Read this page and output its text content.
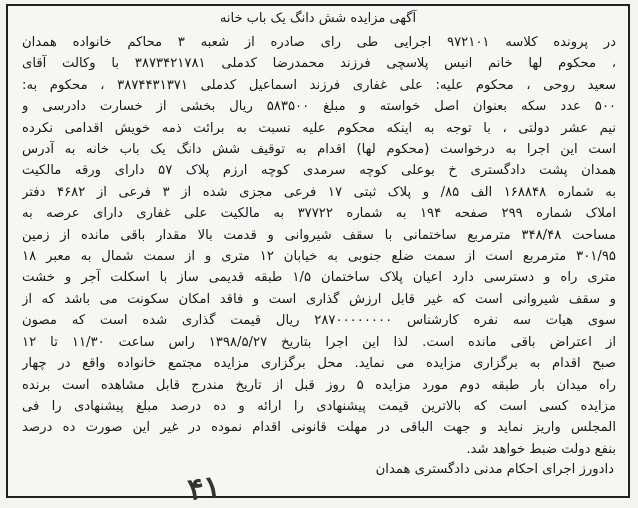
آگهی مزایده شش دانگ یک باب خانه
در پرونده کلاسه ۹۷۲۱۰۱ اجرایی طی رای صادره از شعبه ۳ محاکم خانواده همدان
، محکوم لها خانم انیس پلاسچی فرزند محمدرضا کدملی ۳۸۷۳۴۲۱۷۸۱ با وکالت آقای
سعید روحی ، محکوم علیه: علی غفاری فرزند اسماعیل کدملی ۳۸۷۴۴۳۱۳۷۱ ، محکوم به:
۵۰۰ عدد سکه بعنوان اصل خواسته و مبلغ ۵۸۳۵۰۰ ریال بخشی از خسارت دادرسی و
نیم عشر دولتی ، با توجه به اینکه محکوم علیه نسبت به برائت ذمه خویش اقدامی نکرده
است این اجرا به درخواست (محکوم لها) اقدام به توقیف شش دانگ یک باب خانه به آدرس
همدان پشت دادگستری خ بوعلی کوچه سرمدی کوچه ارزم پلاک ۵۷ دارای ورقه مالکیت
به شماره ۱۶۸۸۴۸ الف ۸۵/ و پلاک ثبتی ۱۷ فرعی مجزی شده از ۳ فرعی از ۴۶۸۲ دفتر
املاک شماره ۲۹۹ صفحه ۱۹۴ به شماره ۳۷۷۲۲ به مالکیت علی غفاری دارای عرصه به
مساحت ۳۴۸/۴۸ مترمربع ساختمانی با سقف شیروانی و قدمت بالا مقدار باقی مانده از زمین
۳۰۱/۹۵ مترمربع است از سمت ضلع جنوبی به خیابان ۱۲ متری و از سمت شمال به معبر ۱۸
متری راه و دسترسی دارد اعیان پلاک ساختمان ۱/۵ طبقه قدیمی ساز با اسکلت آجر و خشت
و سقف شیروانی است که غیر قابل ارزش گذاری است و فاقد امکان سکونت می باشد که از
سوی هیات سه نفره کارشناس ۲۸۷۰۰۰۰۰۰۰۰ ریال قیمت گذاری شده است که مصون
از اعتراض باقی مانده است. لذا این اجرا بتاریخ ۱۳۹۸/۵/۲۷ راس ساعت ۱۱/۳۰ تا ۱۲
صبح اقدام به برگزاری مزایده می نماید. محل برگزاری مزایده مجتمع خانواده واقع در چهار
راه میدان بار طبقه دوم مورد مزایده ۵ روز قبل از تاریخ مندرج قابل مشاهده است برنده
مزایده کسی است که بالاترین قیمت پیشنهادی را ارائه و ده درصد مبلغ پیشنهادی را فی
المجلس واریز نماید و جهت الباقی در مهلت قانونی اقدام نموده در غیر این صورت ده درصد
بنفع دولت ضبط خواهد شد.
دادورز اجرای احکام مدنی دادگستری همدان
۴۱
